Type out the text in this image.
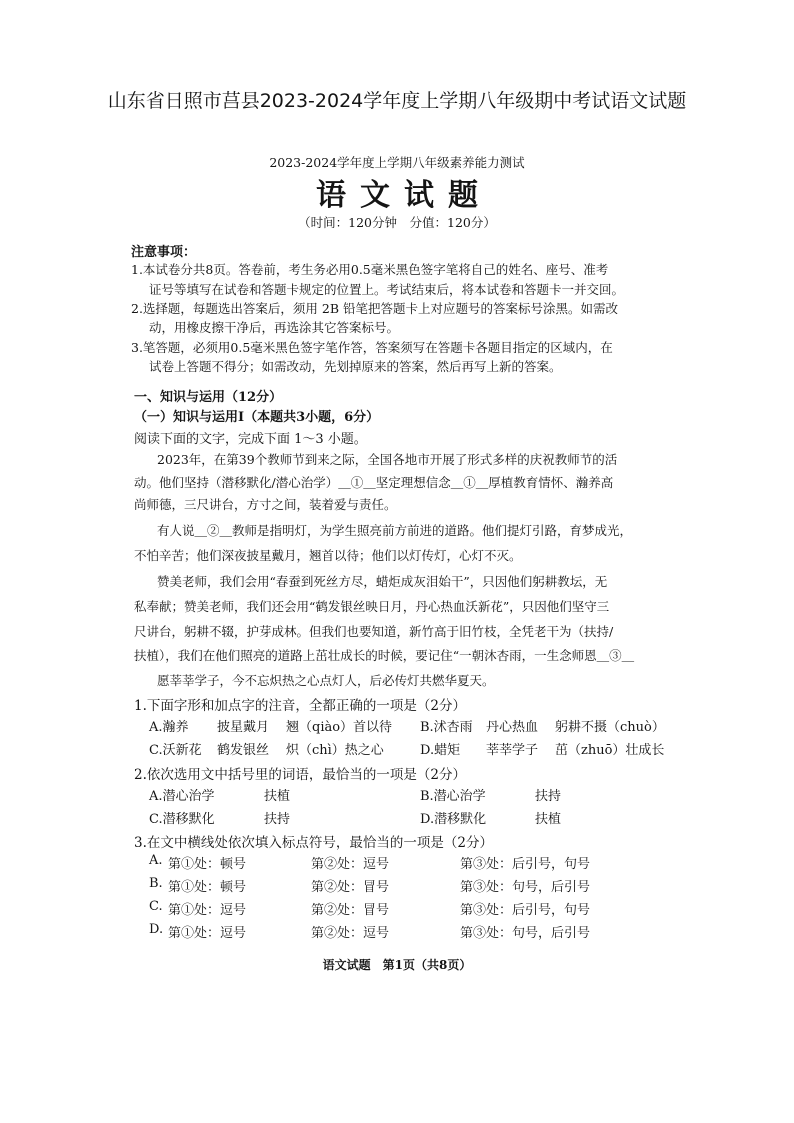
山东省日照市莒县2023-2024学年度上学期八年级期中考试语文试题
2023-2024学年度上学期八年级素养能力测试
语文试题
（时间：120分钟　分值：120分）
注意事项：
1.本试卷分共8页。答卷前，考生务必用0.5毫米黑色签字笔将自己的姓名、座号、准考
证号等填写在试卷和答题卡规定的位置上。考试结束后，将本试卷和答题卡一并交回。
2.选择题，每题选出答案后，须用 2B 铅笔把答题卡上对应题号的答案标号涂黑。如需改
动，用橡皮擦干净后，再选涂其它答案标号。
3.笔答题，必须用0.5毫米黑色签字笔作答，答案须写在答题卡各题目指定的区域内，在
试卷上答题不得分；如需改动，先划掉原来的答案，然后再写上新的答案。
一、知识与运用（12分）
（一）知识与运用Ⅰ（本题共3小题，6分）
阅读下面的文字，完成下面 1～3 小题。
2023年，在第39个教师节到来之际，全国各地市开展了形式多样的庆祝教师节的活
动。他们坚持（潜移默化/潜心治学）＿①＿坚定理想信念＿①＿厚植教育情怀、瀚养高
尚师德，三尺讲台，方寸之间，装着爱与责任。
有人说＿②＿教师是指明灯，为学生照亮前方前进的道路。他们提灯引路，育梦成光，
不怕辛苦；他们深夜披星戴月，翘首以待；他们以灯传灯，心灯不灭。
赞美老师，我们会用“春蚕到死丝方尽，蜡炬成灰泪始干”，只因他们躬耕教坛，无
私奉献；赞美老师，我们还会用“鹤发银丝映日月，丹心热血沃新花”，只因他们坚守三
尺讲台，躬耕不辍，护芽成林。但我们也要知道，新竹高于旧竹枝，全凭老干为（扶持/
扶植），我们在他们照亮的道路上茁壮成长的时候，要记住“一朝沐杏雨，一生念师恩＿③＿
愿莘莘学子，今不忘炽热之心点灯人，后必传灯共燃华夏天。
1.下面字形和加点字的注音，全都正确的一项是（2分）
A.瀚养 披星戴月 翘（qiào）首以待 B.沭杏雨 丹心热血 躬耕不摄（chuò）
C.沃新花 鹤发银丝 炽（chì）热之心	D.蜡矩 莘莘学子 茁（zhuō）壮成长
2.依次选用文中括号里的词语，最恰当的一项是（2分）
A.潜心治学	扶植	B.潜心治学	扶持
C.潜移默化	扶持	D.潜移默化	扶植
3.在文中横线处依次填入标点符号，最恰当的一项是（2分）
A. 第①处：顿号	第②处：逗号	第③处：后引号，句号
B. 第①处：顿号	第②处：冒号	第③处：句号，后引号
C. 第①处：逗号	第②处：冒号	第③处：后引号，句号
D. 第①处：逗号	第②处：逗号	第③处：句号，后引号
语文试题　第1页（共8页）
